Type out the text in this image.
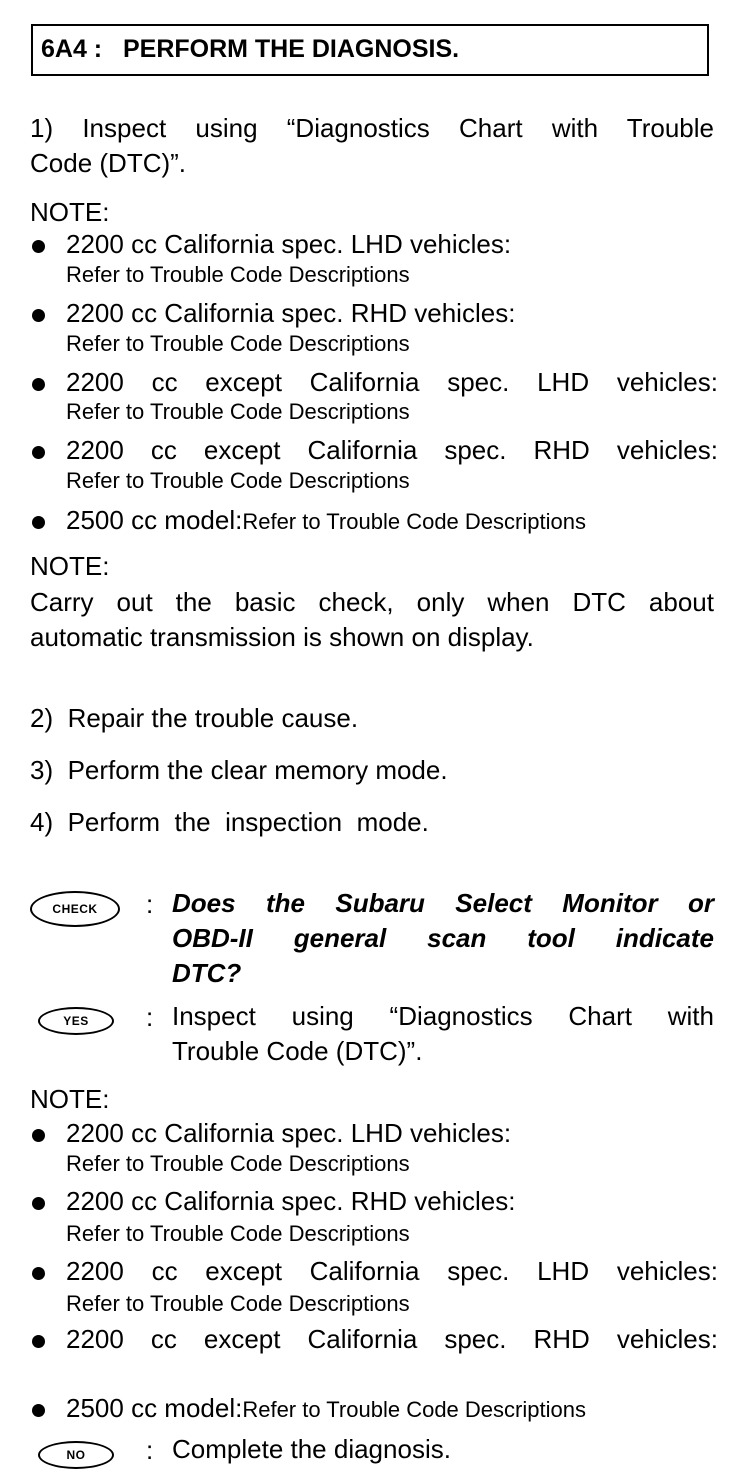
6A4 :   PERFORM THE DIAGNOSIS.
1) Inspect using “Diagnostics Chart with Trouble
Code (DTC)”.
NOTE:
2200 cc California spec. LHD vehicles:
Refer to Trouble Code Descriptions
2200 cc California spec. RHD vehicles:
Refer to Trouble Code Descriptions
2200 cc except California spec. LHD vehicles:
Refer to Trouble Code Descriptions
2200 cc except California spec. RHD vehicles:
Refer to Trouble Code Descriptions
2500 cc model:Refer to Trouble Code Descriptions
NOTE:
Carry out the basic check, only when DTC about
automatic transmission is shown on display.
2)  Repair the trouble cause.
3)  Perform the clear memory mode.
4)  Perform  the  inspection  mode.
CHECK	: Does the Subaru Select Monitor or
OBD-II general scan tool indicate
DTC?
YES	: Inspect using “Diagnostics Chart with
Trouble Code (DTC)”.
NOTE:
2200 cc California spec. LHD vehicles:
Refer to Trouble Code Descriptions
2200 cc California spec. RHD vehicles:
Refer to Trouble Code Descriptions
2200 cc except California spec. LHD vehicles:
Refer to Trouble Code Descriptions
2200 cc except California spec. RHD vehicles:
2500 cc model:Refer to Trouble Code Descriptions
NO	: Complete the diagnosis.
